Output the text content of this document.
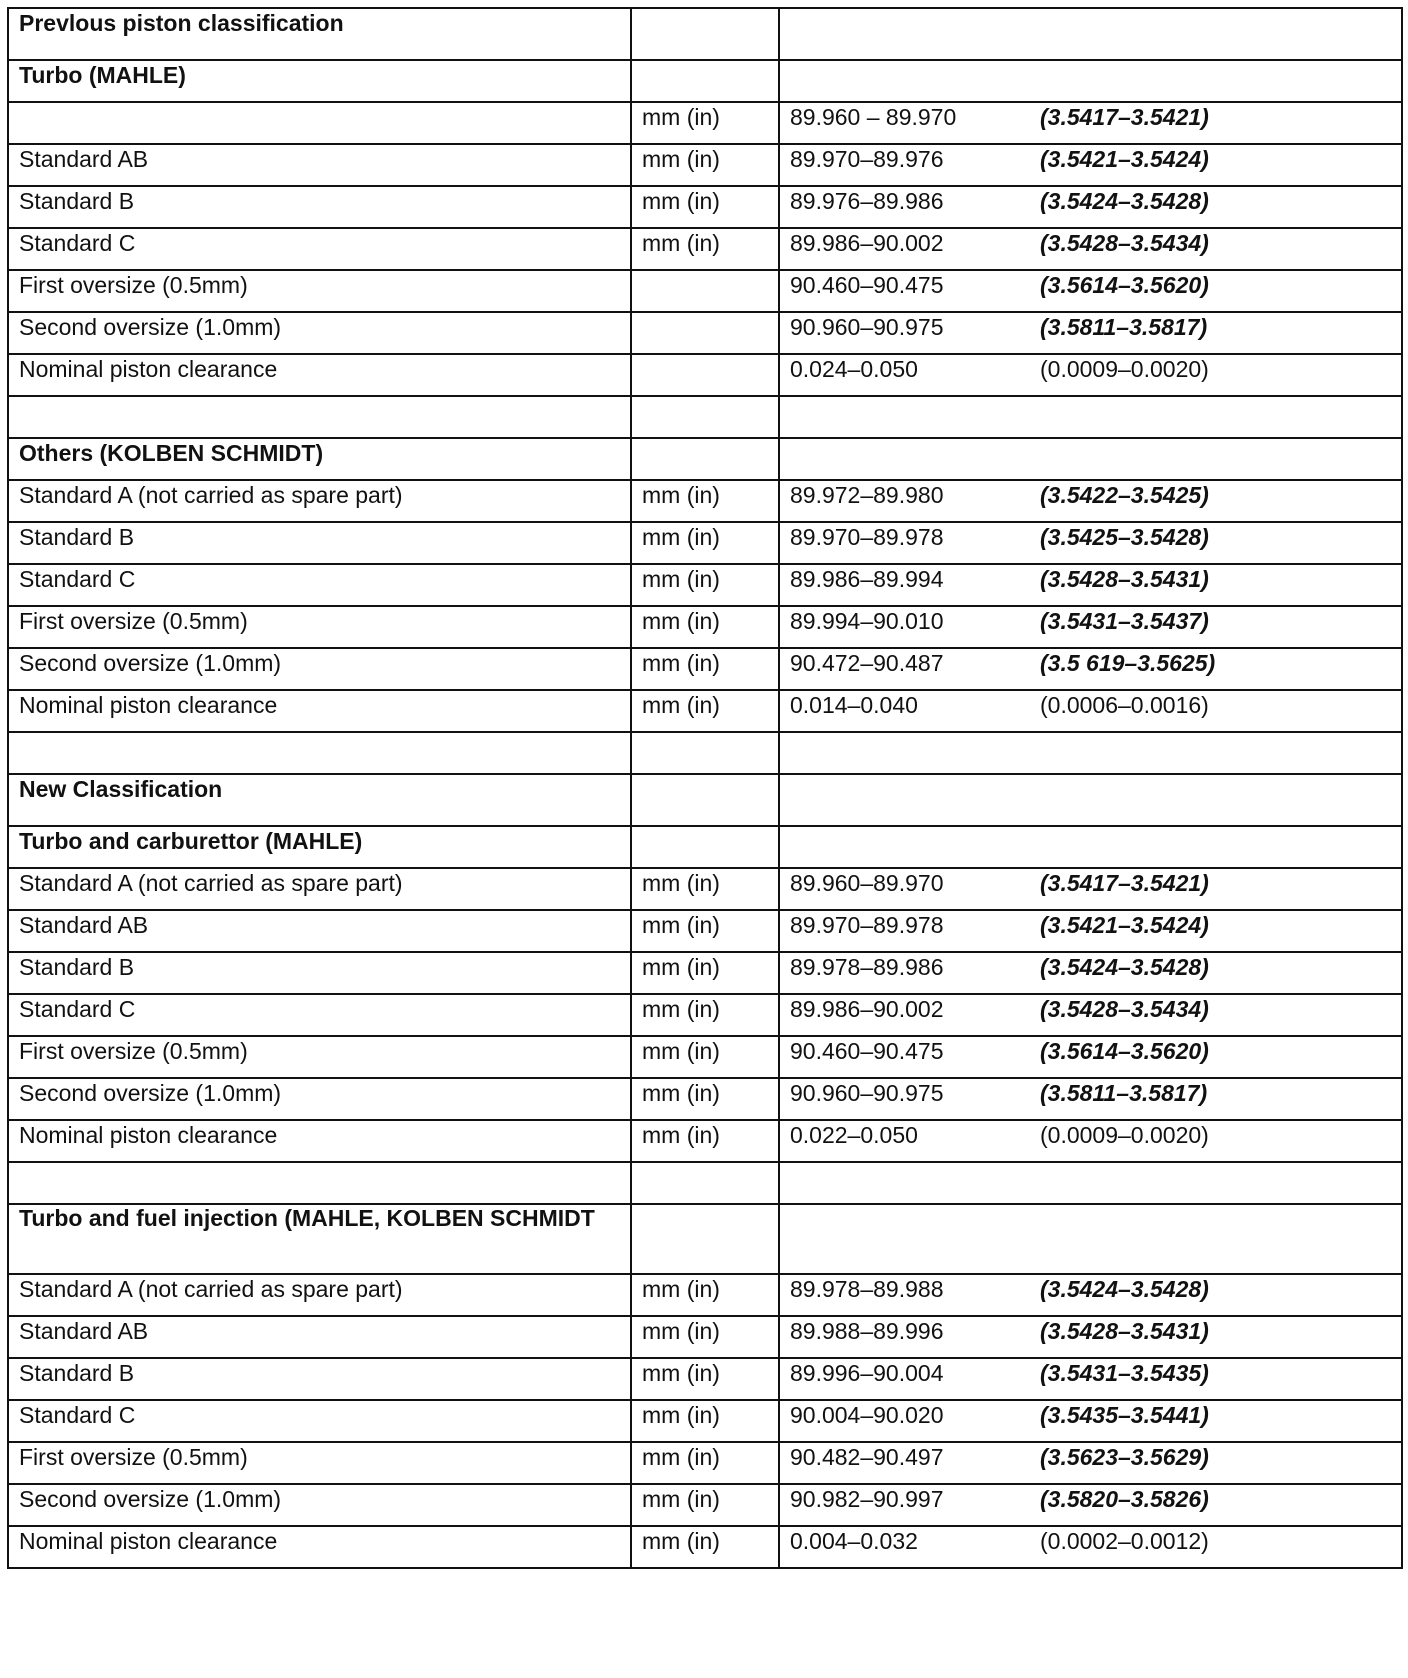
Prevlous piston classification		
Turbo (MAHLE)		
	mm (in)	89.960 – 89.970 (3.5417–3.5421)
Standard AB	mm (in)	89.970–89.976 (3.5421–3.5424)
Standard B	mm (in)	89.976–89.986 (3.5424–3.5428)
Standard C	mm (in)	89.986–90.002 (3.5428–3.5434)
First oversize (0.5mm)		90.460–90.475 (3.5614–3.5620)
Second oversize (1.0mm)		90.960–90.975 (3.5811–3.5817)
Nominal piston clearance		0.024–0.050 (0.0009–0.0020)

Others (KOLBEN SCHMIDT)		
Standard A (not carried as spare part)	mm (in)	89.972–89.980 (3.5422–3.5425)
Standard B	mm (in)	89.970–89.978 (3.5425–3.5428)
Standard C	mm (in)	89.986–89.994 (3.5428–3.5431)
First oversize (0.5mm)	mm (in)	89.994–90.010 (3.5431–3.5437)
Second oversize (1.0mm)	mm (in)	90.472–90.487 (3.5 619–3.5625)
Nominal piston clearance	mm (in)	0.014–0.040 (0.0006–0.0016)

New Classification		
Turbo and carburettor (MAHLE)		
Standard A (not carried as spare part)	mm (in)	89.960–89.970 (3.5417–3.5421)
Standard AB	mm (in)	89.970–89.978 (3.5421–3.5424)
Standard B	mm (in)	89.978–89.986 (3.5424–3.5428)
Standard C	mm (in)	89.986–90.002 (3.5428–3.5434)
First oversize (0.5mm)	mm (in)	90.460–90.475 (3.5614–3.5620)
Second oversize (1.0mm)	mm (in)	90.960–90.975 (3.5811–3.5817)
Nominal piston clearance	mm (in)	0.022–0.050 (0.0009–0.0020)

Turbo and fuel injection (MAHLE, KOLBEN SCHMIDT		
Standard A (not carried as spare part)	mm (in)	89.978–89.988 (3.5424–3.5428)
Standard AB	mm (in)	89.988–89.996 (3.5428–3.5431)
Standard B	mm (in)	89.996–90.004 (3.5431–3.5435)
Standard C	mm (in)	90.004–90.020 (3.5435–3.5441)
First oversize (0.5mm)	mm (in)	90.482–90.497 (3.5623–3.5629)
Second oversize (1.0mm)	mm (in)	90.982–90.997 (3.5820–3.5826)
Nominal piston clearance	mm (in)	0.004–0.032 (0.0002–0.0012)
